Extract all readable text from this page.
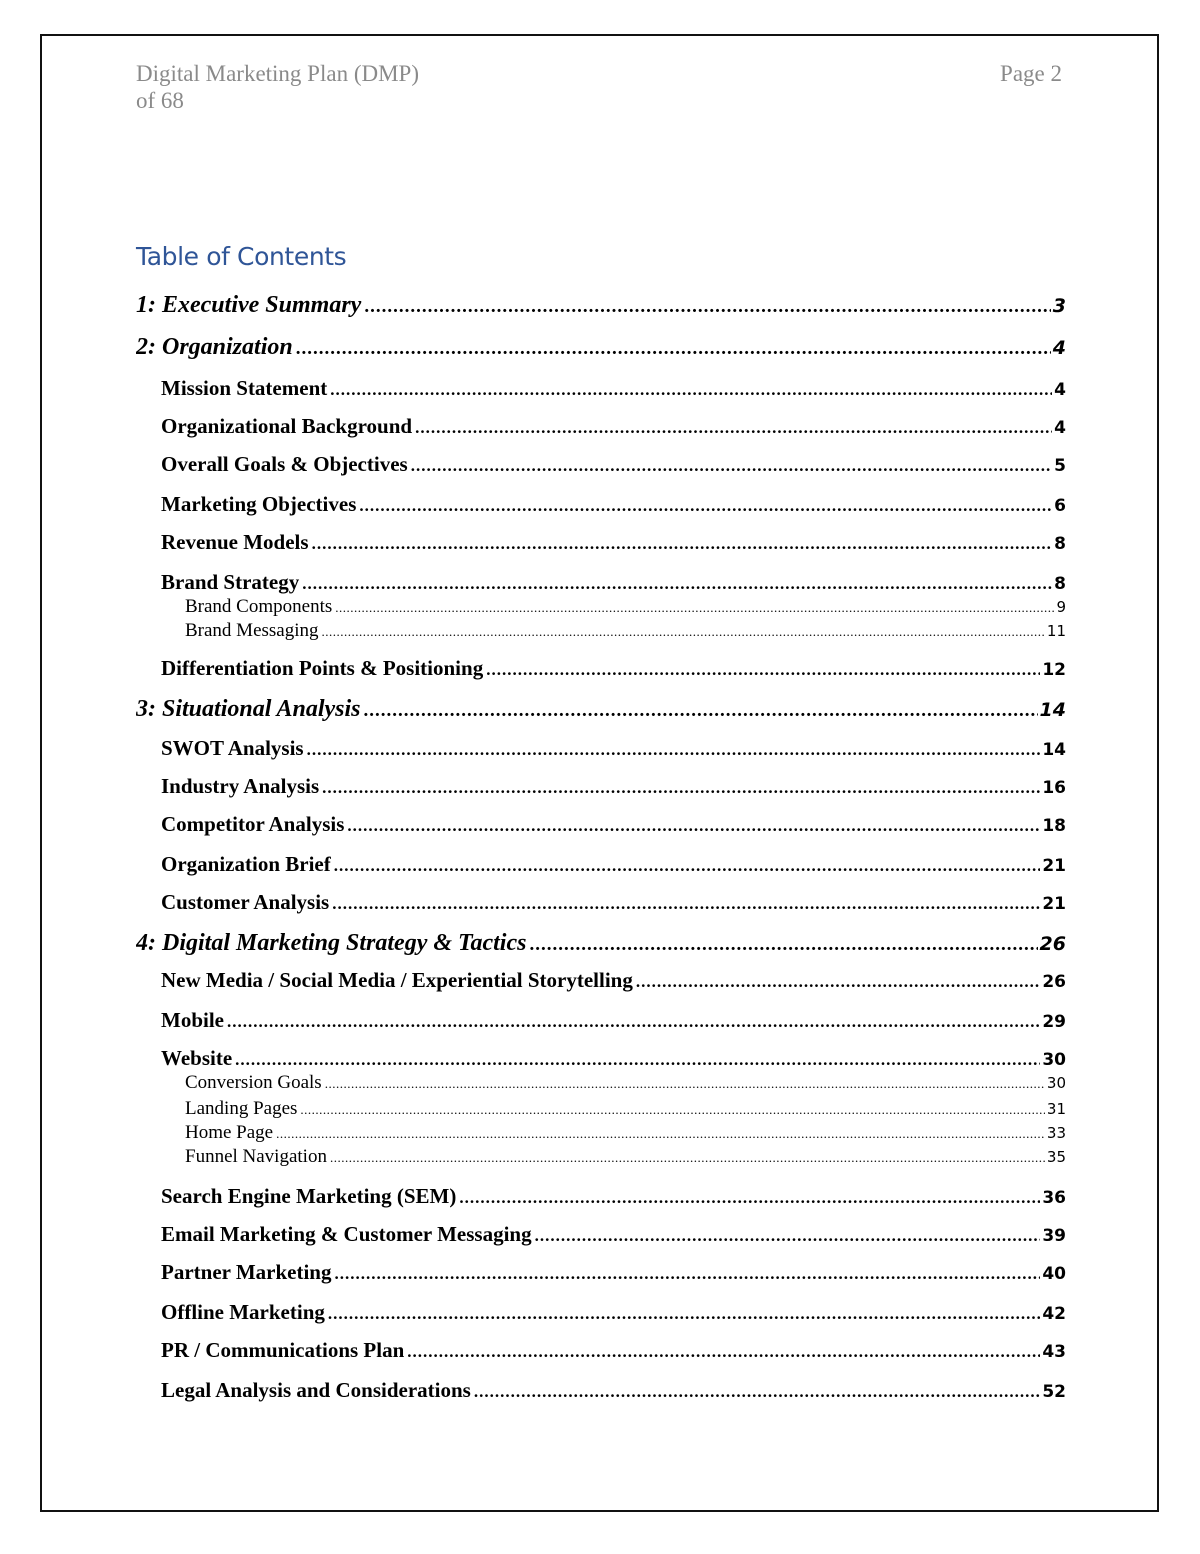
Digital Marketing Plan (DMP)
of 68
Page 2
Table of Contents
1: Executive Summary .....	3
2: Organization .....	4
Mission Statement .....	4
Organizational Background .....	4
Overall Goals & Objectives .....	5
Marketing Objectives .....	6
Revenue Models .....	8
Brand Strategy .....	8
Brand Components .....	9
Brand Messaging .....	11
Differentiation Points & Positioning .....	12
3: Situational Analysis .....	14
SWOT Analysis .....	14
Industry Analysis .....	16
Competitor Analysis .....	18
Organization Brief .....	21
Customer Analysis .....	21
4: Digital Marketing Strategy & Tactics .....	26
New Media / Social Media / Experiential Storytelling .....	26
Mobile .....	29
Website .....	30
Conversion Goals .....	30
Landing Pages .....	31
Home Page .....	33
Funnel Navigation .....	35
Search Engine Marketing (SEM) .....	36
Email Marketing & Customer Messaging .....	39
Partner Marketing .....	40
Offline Marketing .....	42
PR / Communications Plan .....	43
Legal Analysis and Considerations .....	52
